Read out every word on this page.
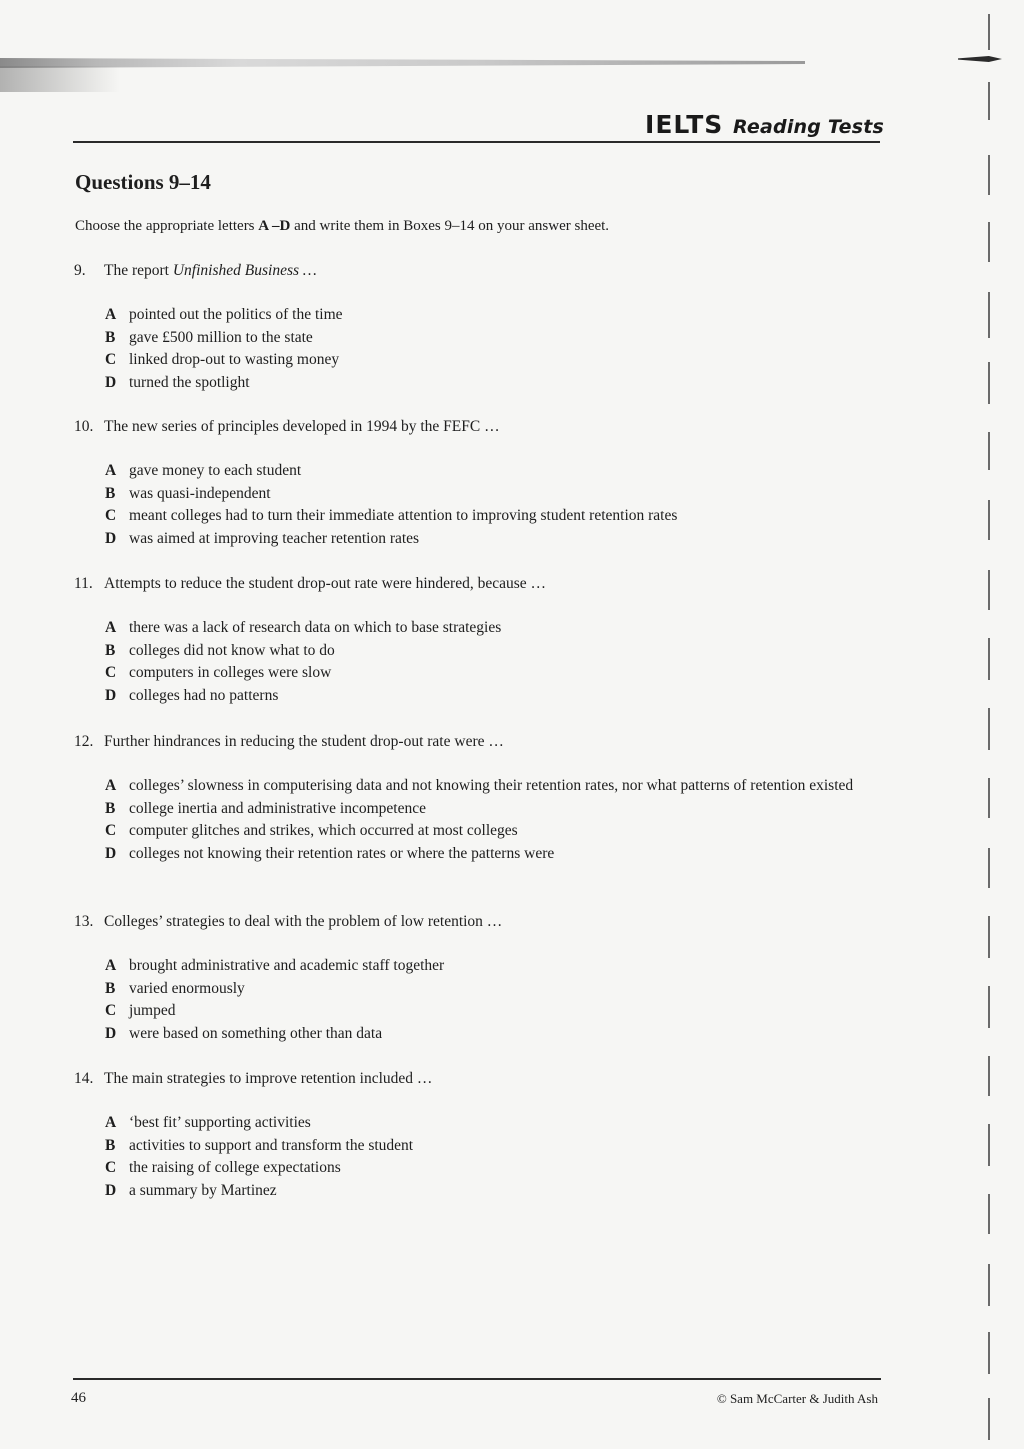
IELTS Reading Tests
Questions 9–14
Choose the appropriate letters A –D and write them in Boxes 9–14 on your answer sheet.
9. The report Unfinished Business …
A pointed out the politics of the time
B gave £500 million to the state
C linked drop-out to wasting money
D turned the spotlight
10. The new series of principles developed in 1994 by the FEFC …
A gave money to each student
B was quasi-independent
C meant colleges had to turn their immediate attention to improving student retention rates
D was aimed at improving teacher retention rates
11. Attempts to reduce the student drop-out rate were hindered, because …
A there was a lack of research data on which to base strategies
B colleges did not know what to do
C computers in colleges were slow
D colleges had no patterns
12. Further hindrances in reducing the student drop-out rate were …
A colleges’ slowness in computerising data and not knowing their retention rates, nor what patterns of retention existed
B college inertia and administrative incompetence
C computer glitches and strikes, which occurred at most colleges
D colleges not knowing their retention rates or where the patterns were
13. Colleges’ strategies to deal with the problem of low retention …
A brought administrative and academic staff together
B varied enormously
C jumped
D were based on something other than data
14. The main strategies to improve retention included …
A ‘best fit’ supporting activities
B activities to support and transform the student
C the raising of college expectations
D a summary by Martinez
46	© Sam McCarter & Judith Ash
